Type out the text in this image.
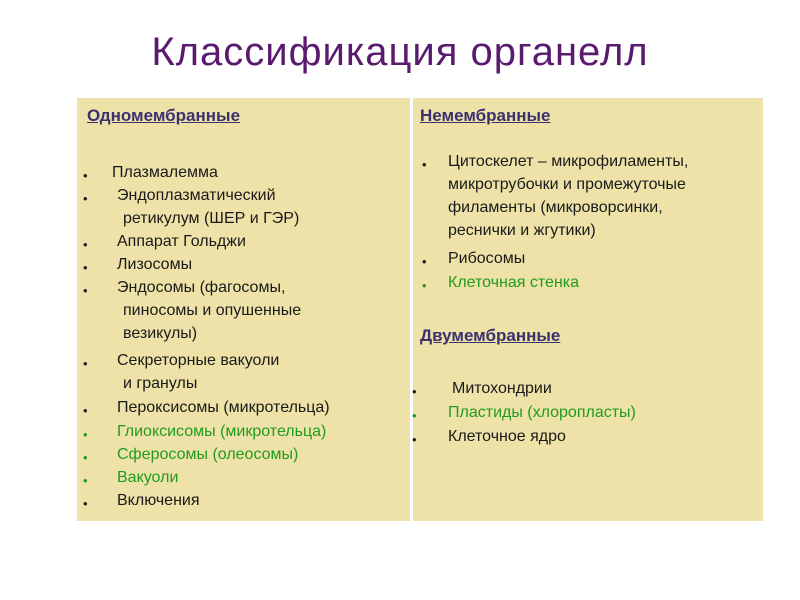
Классификация органелл
Одномембранные
• Плазмалемма
• Эндоплазматический
ретикулум (ШЕР и ГЭР)
• Аппарат Гольджи
• Лизосомы
• Эндосомы (фагосомы,
пиносомы и опушенные
везикулы)
• Секреторные вакуоли
и гранулы
• Пероксисомы (микротельца)
• Глиоксисомы (микротельца)
• Сферосомы (олеосомы)
• Вакуоли
• Включения
Немембранные
• Цитоскелет – микрофиламенты,
микротрубочки и промежуточые
филаменты (микроворсинки,
реснички и жгутики)
• Рибосомы
• Клеточная стенка
Двумембранные
• Митохондрии
• Пластиды (хлоропласты)
• Клеточное ядро
